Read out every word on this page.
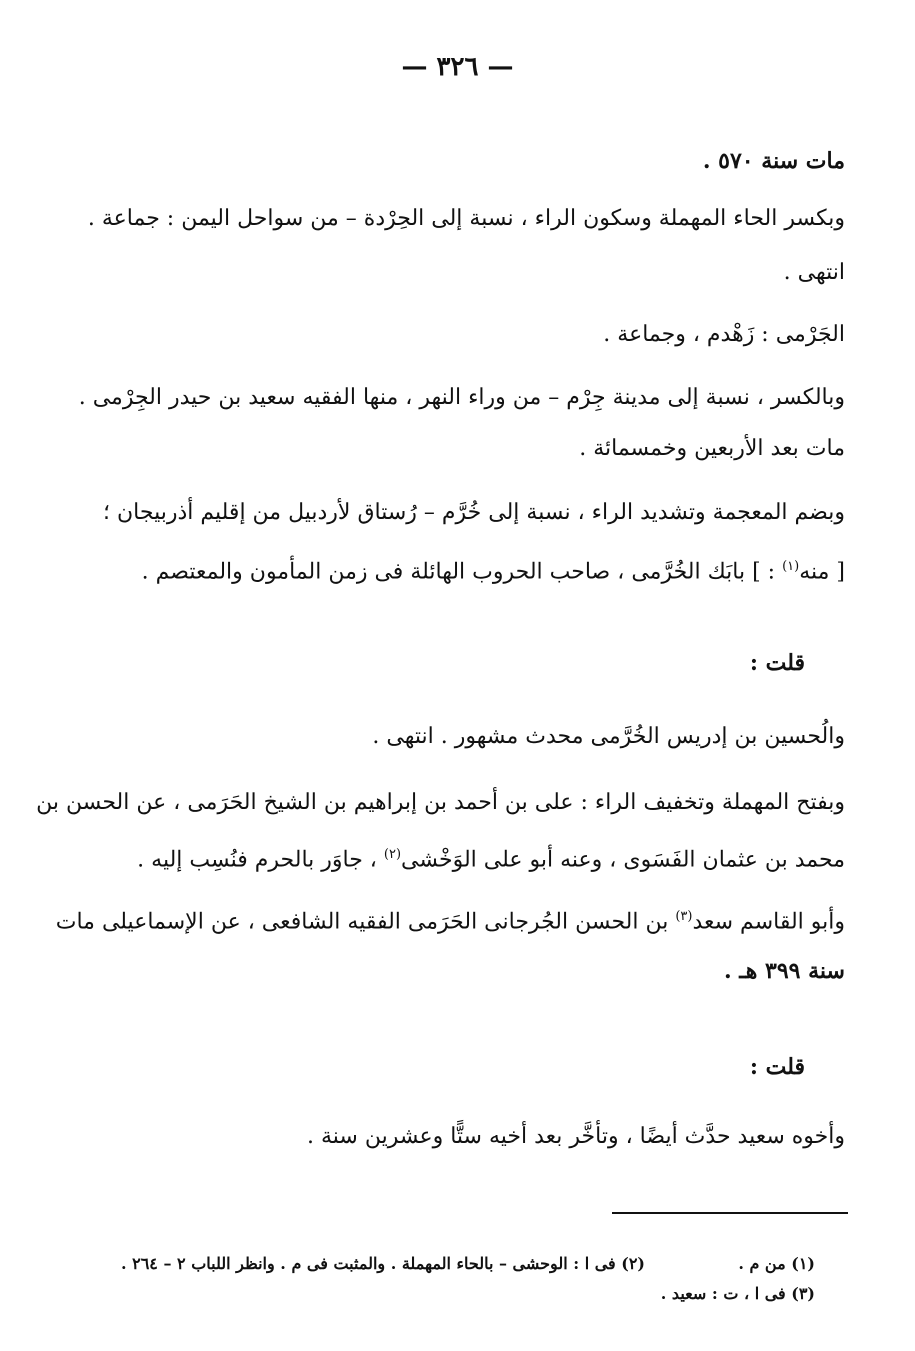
— ٣٢٦ —
مات سنة ٥٧٠ .
وبكسر الحاء المهملة وسكون الراء ، نسبة إلى الحِرْدة – من سواحل اليمن : جماعة .
انتهى .
الجَرْمى : زَهْدم ، وجماعة .
وبالكسر ، نسبة إلى مدينة جِرْم – من وراء النهر ، منها الفقيه سعيد بن حيدر الجِرْمى .
مات بعد الأربعين وخمسمائة .
وبضم المعجمة وتشديد الراء ، نسبة إلى خُرَّم – رُستاق لأردبيل من إقليم أذربيجان ؛
[ منه$^{(١)}$ : ] بابَك الخُرَّمى ، صاحب الحروب الهائلة فى زمن المأمون والمعتصم .
قلت :
والُحسين بن إدريس الخُرَّمى محدث مشهور . انتهى .
وبفتح المهملة وتخفيف الراء : على بن أحمد بن إبراهيم بن الشيخ الحَرَمى ، عن الحسن بن
محمد بن عثمان الفَسَوى ، وعنه أبو على الوَخْشى$^{(٢)}$ ، جاوَر بالحرم فنُسِب إليه .
وأبو القاسم سعد$^{(٣)}$ بن الحسن الجُرجانى الحَرَمى الفقيه الشافعى ، عن الإسماعيلى مات
سنة ٣٩٩ هـ .
قلت :
وأخوه سعيد حدَّث أيضًا ، وتأخَّر بعد أخيه ستًّا وعشرين سنة .
(١) من م .
(٢) فى ا : الوحشى – بالحاء المهملة . والمثبت فى م . وانظر اللباب ٢ – ٢٦٤ .
(٣) فى ا ، ت : سعيد .
